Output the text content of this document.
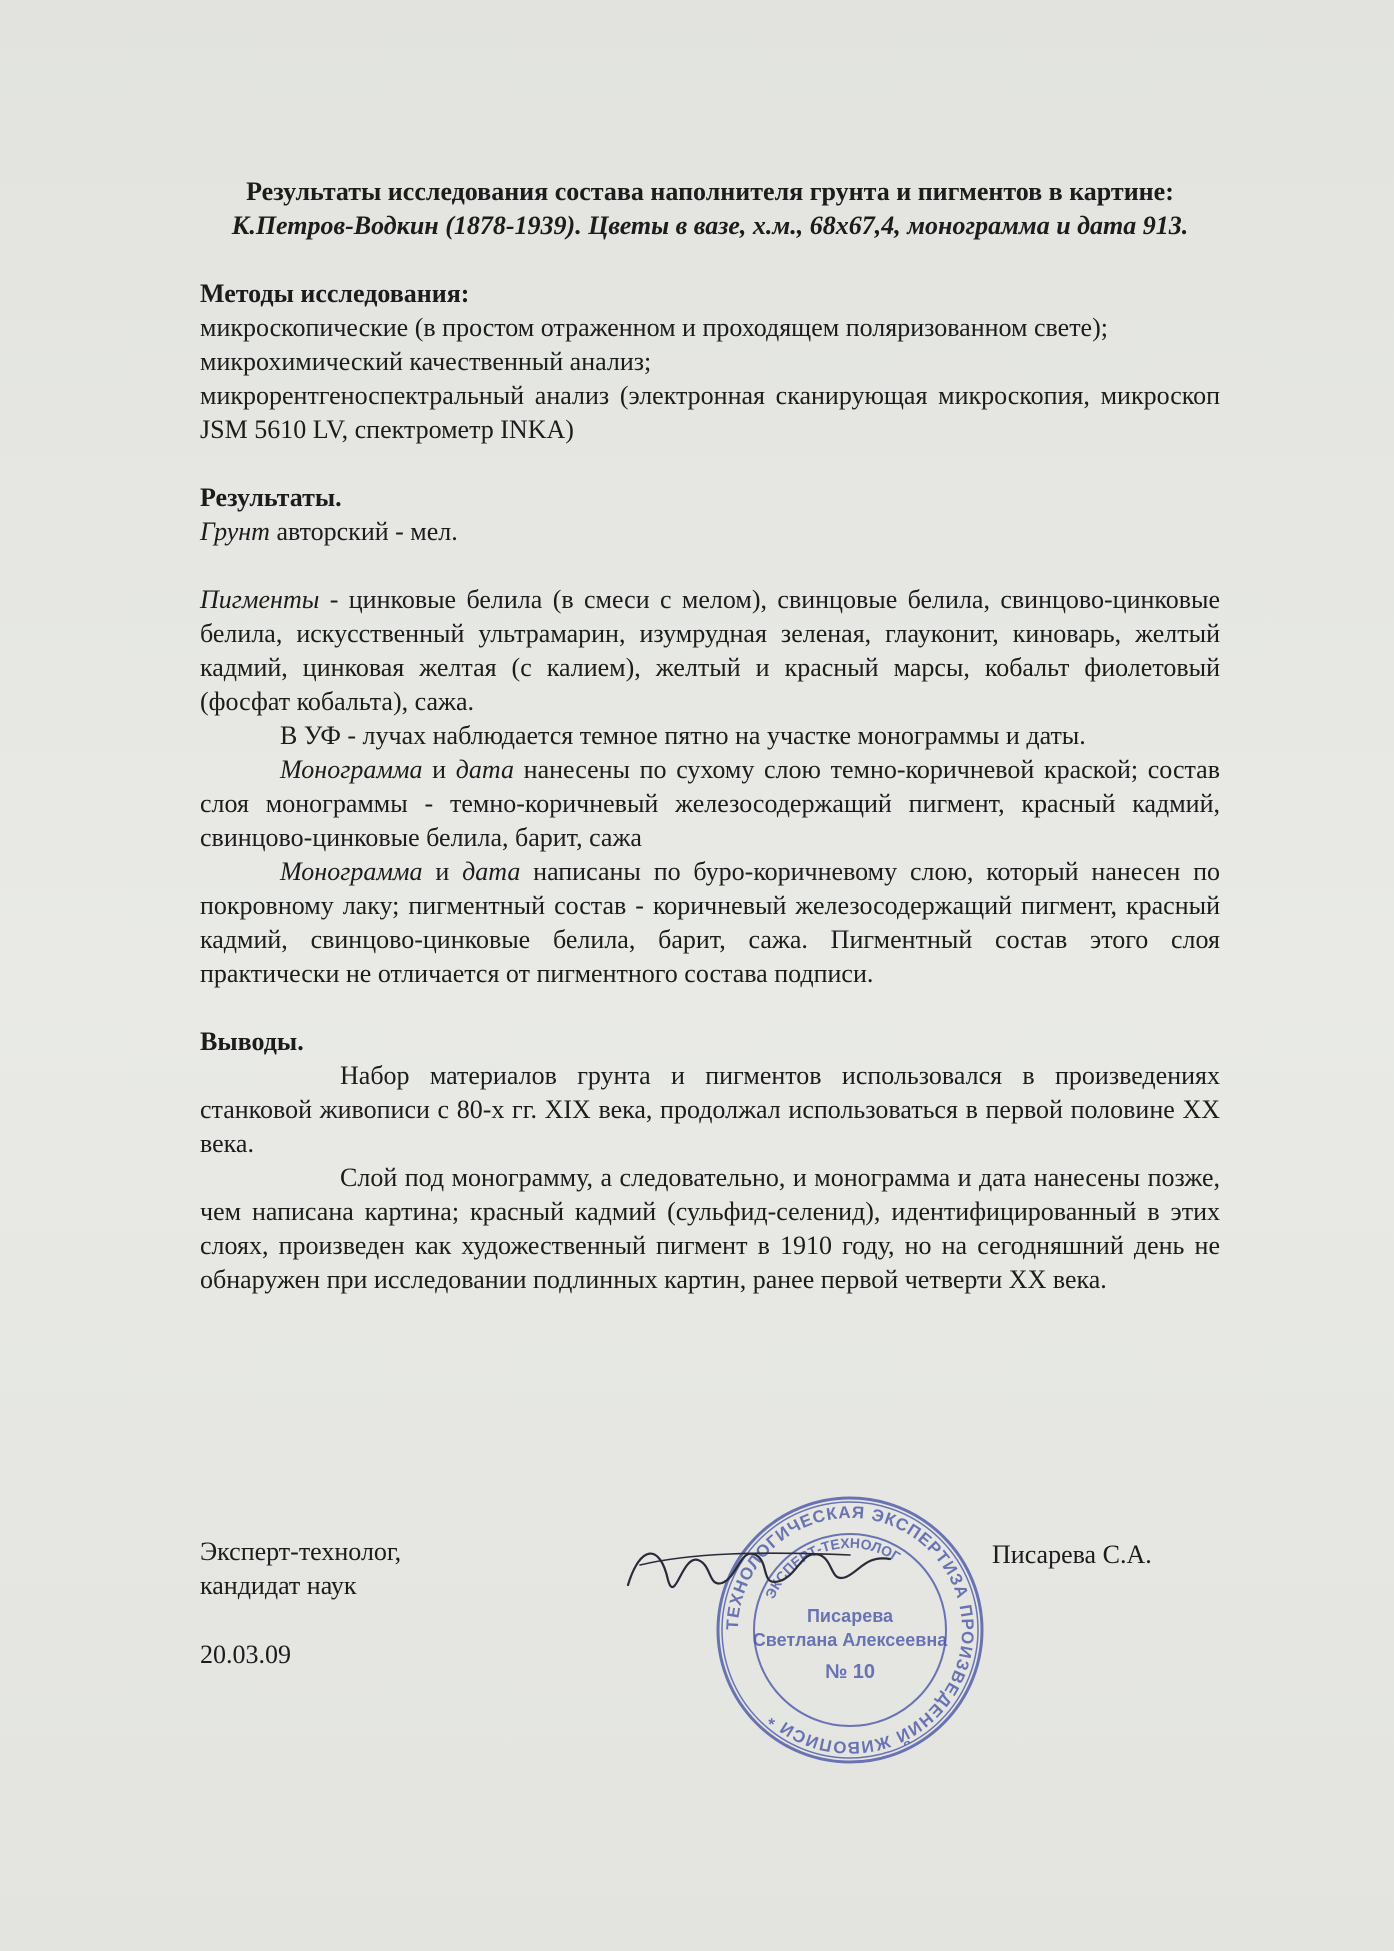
Результаты исследования состава наполнителя грунта и пигментов в картине:

К.Петров-Водкин (1878-1939). Цветы в вазе, х.м., 68х67,4, монограмма и дата 913.

Методы исследования:

микроскопические (в простом отраженном и проходящем поляризованном свете);

микрохимический качественный анализ;

микрорентгеноспектральный анализ (электронная сканирующая микроскопия, микроскоп JSM 5610 LV, спектрометр INKA)

Результаты.

Грунт авторский - мел.

Пигменты - цинковые белила (в смеси с мелом), свинцовые белила, свинцово-цинковые белила, искусственный ультрамарин, изумрудная зеленая, глауконит, киноварь, желтый кадмий, цинковая желтая (с калием), желтый и красный марсы, кобальт фиолетовый (фосфат кобальта), сажа.

В УФ - лучах наблюдается темное пятно на участке монограммы и даты.

Монограмма и дата нанесены по сухому слою темно-коричневой краской; состав слоя монограммы - темно-коричневый железосодержащий пигмент, красный кадмий, свинцово-цинковые белила, барит, сажа

Монограмма и дата написаны по буро-коричневому слою, который нанесен по покровному лаку; пигментный состав - коричневый железосодержащий пигмент, красный кадмий, свинцово-цинковые белила, барит, сажа. Пигментный состав этого слоя практически не отличается от пигментного состава подписи.

Выводы.

Набор материалов грунта и пигментов использовался в произведениях станковой живописи с 80-х гг. XIX века, продолжал использоваться в первой половине XX века.

Слой под монограмму, а следовательно, и монограмма и дата нанесены позже, чем написана картина; красный кадмий (сульфид-селенид), идентифицированный в этих слоях, произведен как художественный пигмент в 1910 году, но на сегодняшний день не обнаружен при исследовании подлинных картин, ранее первой четверти XX века.

Эксперт-технолог,
кандидат наук
20.03.09
Писарева С.А.
ТЕХНОЛОГИЧЕСКАЯ ЭКСПЕРТИЗА ПРОИЗВЕДЕНИЙ ЖИВОПИСИ *
ЭКСПЕРТ-ТЕХНОЛОГ
Писарева
Светлана Алексеевна
№ 10
